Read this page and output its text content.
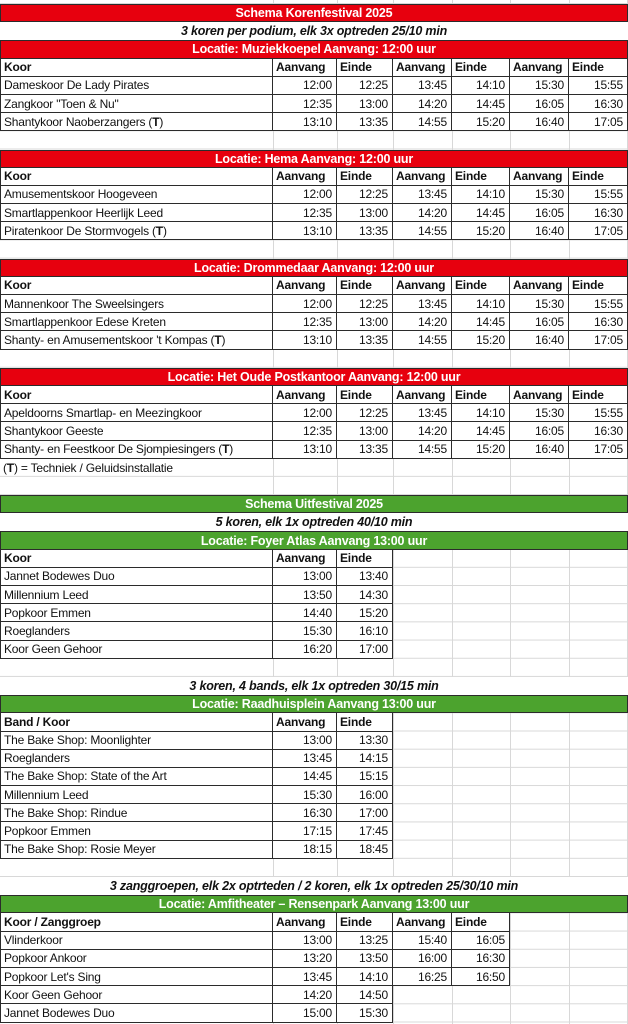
Schema Korenfestival 2025
3 koren per podium, elk 3x optreden 25/10 min
Locatie: Muziekkoepel Aanvang: 12:00 uur
Koor	Aanvang	Einde	Aanvang Einde	Aanvang Einde
Dameskoor De Lady Pirates	12:00	12:25	13:45	14:10	15:30	15:55
Zangkoor "Toen & Nu"	12:35	13:00	14:20	14:45	16:05	16:30
Shantykoor Naoberzangers ( T )	13:10	13:35	14:55	15:20	16:40	17:05
Locatie: Hema Aanvang: 12:00 uur
Koor	Aanvang	Einde	Aanvang Einde	Aanvang Einde
Amusementskoor Hoogeveen	12:00	12:25	13:45	14:10	15:30	15:55
Smartlappenkoor Heerlijk Leed	12:35	13:00	14:20	14:45	16:05	16:30
Piratenkoor De Stormvogels ( T )	13:10	13:35	14:55	15:20	16:40	17:05
Locatie: Drommedaar Aanvang: 12:00 uur
Koor	Aanvang	Einde	Aanvang Einde	Aanvang Einde
Mannenkoor The Sweelsingers	12:00	12:25	13:45	14:10	15:30	15:55
Smartlappenkoor Edese Kreten	12:35	13:00	14:20	14:45	16:05	16:30
Shanty- en Amusementskoor 't Kompas ( T )	13:10	13:35	14:55	15:20	16:40	17:05
Locatie: Het Oude Postkantoor Aanvang: 12:00 uur
Koor	Aanvang	Einde	Aanvang Einde	Aanvang Einde
Apeldoorns Smartlap- en Meezingkoor	12:00	12:25	13:45	14:10	15:30	15:55
Shantykoor Geeste	12:35	13:00	14:20	14:45	16:05	16:30
Shanty- en Feestkoor De Sjompiesingers ( T )	13:10	13:35	14:55	15:20	16:40	17:05
( T ) = Techniek / Geluidsinstallatie
Schema Uitfestival 2025
5 koren, elk 1x optreden 40/10 min
Locatie: Foyer Atlas Aanvang 13:00 uur
Koor	Aanvang	Einde
Jannet Bodewes Duo	13:00	13:40
Millennium Leed	13:50	14:30
Popkoor Emmen	14:40	15:20
Roeglanders	15:30	16:10
Koor Geen Gehoor	16:20	17:00
3 koren, 4 bands, elk 1x optreden 30/15 min
Locatie: Raadhuisplein Aanvang 13:00 uur
Band / Koor	Aanvang	Einde
The Bake Shop: Moonlighter	13:00	13:30
Roeglanders	13:45	14:15
The Bake Shop: State of the Art	14:45	15:15
Millennium Leed	15:30	16:00
The Bake Shop: Rindue	16:30	17:00
Popkoor Emmen	17:15	17:45
The Bake Shop: Rosie Meyer	18:15	18:45
3 zanggroepen, elk 2x optrteden / 2 koren, elk 1x optreden 25/30/10 min
Locatie: Amfitheater – Rensenpark Aanvang 13:00 uur
Koor / Zanggroep	Aanvang	Einde	Aanvang Einde
Vlinderkoor	13:00	13:25	15:40	16:05
Popkoor Ankoor	13:20	13:50	16:00	16:30
Popkoor Let's Sing	13:45	14:10	16:25	16:50
Koor Geen Gehoor	14:20	14:50
Jannet Bodewes Duo	15:00	15:30
